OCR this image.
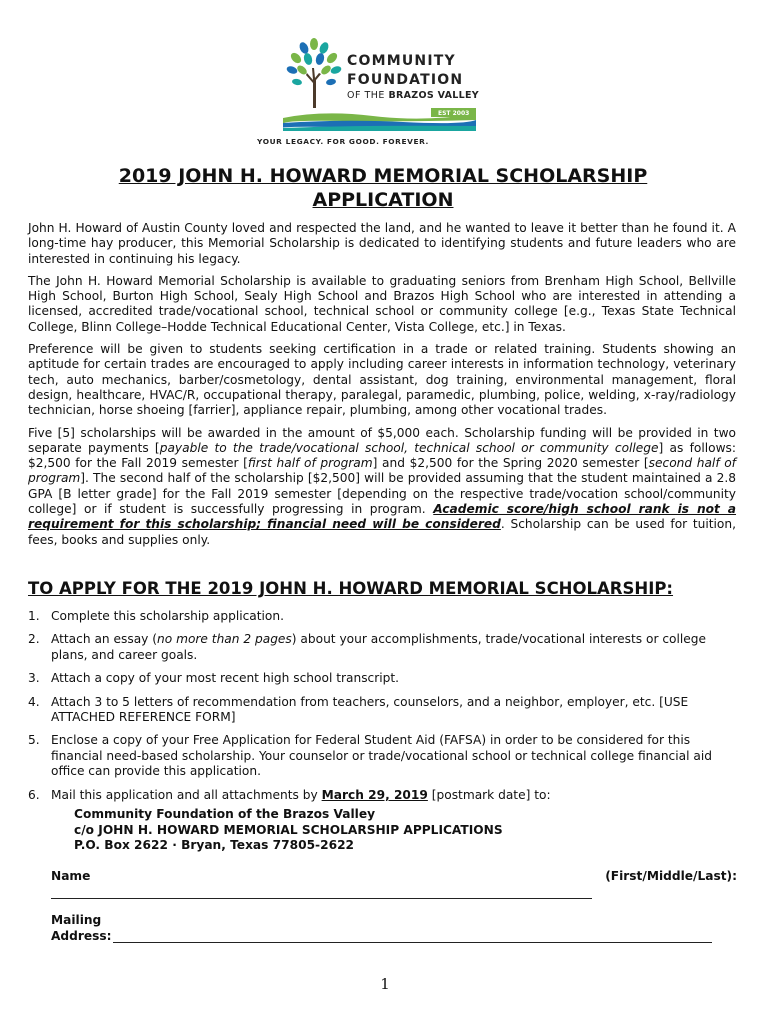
COMMUNITY
FOUNDATION
OF THE BRAZOS VALLEY
EST 2003
YOUR LEGACY. FOR GOOD. FOREVER.
2019 JOHN H. HOWARD MEMORIAL SCHOLARSHIP
APPLICATION

John H. Howard of Austin County loved and respected the land, and he wanted to leave it better than he found it. A long-time hay producer, this Memorial Scholarship is dedicated to identifying students and future leaders who are interested in continuing his legacy.

The John H. Howard Memorial Scholarship is available to graduating seniors from Brenham High School, Bellville High School, Burton High School, Sealy High School and Brazos High School who are interested in attending a licensed, accredited trade/vocational school, technical school or community college [e.g., Texas State Technical College, Blinn College–Hodde Technical Educational Center, Vista College, etc.] in Texas.

Preference will be given to students seeking certification in a trade or related training. Students showing an aptitude for certain trades are encouraged to apply including career interests in information technology, veterinary tech, auto mechanics, barber/cosmetology, dental assistant, dog training, environmental management, floral design, healthcare, HVAC/R, occupational therapy, paralegal, paramedic, plumbing, police, welding, x-ray/radiology technician, horse shoeing [farrier], appliance repair, plumbing, among other vocational trades.

Five [5] scholarships will be awarded in the amount of $5,000 each. Scholarship funding will be provided in two separate payments [payable to the trade/vocational school, technical school or community college] as follows: $2,500 for the Fall 2019 semester [first half of program] and $2,500 for the Spring 2020 semester [second half of program]. The second half of the scholarship [$2,500] will be provided assuming that the student maintained a 2.8 GPA [B letter grade] for the Fall 2019 semester [depending on the respective trade/vocation school/community college] or if student is successfully progressing in program. Academic score/high school rank is not a requirement for this scholarship; financial need will be considered. Scholarship can be used for tuition, fees, books and supplies only.

TO APPLY FOR THE 2019 JOHN H. HOWARD MEMORIAL SCHOLARSHIP:
1. Complete this scholarship application.
2. Attach an essay (no more than 2 pages) about your accomplishments, trade/vocational interests or college plans, and career goals.
3. Attach a copy of your most recent high school transcript.
4. Attach 3 to 5 letters of recommendation from teachers, counselors, and a neighbor, employer, etc. [USE ATTACHED REFERENCE FORM]
5. Enclose a copy of your Free Application for Federal Student Aid (FAFSA) in order to be considered for this financial need-based scholarship. Your counselor or trade/vocational school or technical college financial aid office can provide this application.
6. Mail this application and all attachments by March 29, 2019 [postmark date] to:
Community Foundation of the Brazos Valley
c/o JOHN H. HOWARD MEMORIAL SCHOLARSHIP APPLICATIONS
P.O. Box 2622 · Bryan, Texas 77805-2622
Name	(First/Middle/Last):
Mailing
Address:
1
